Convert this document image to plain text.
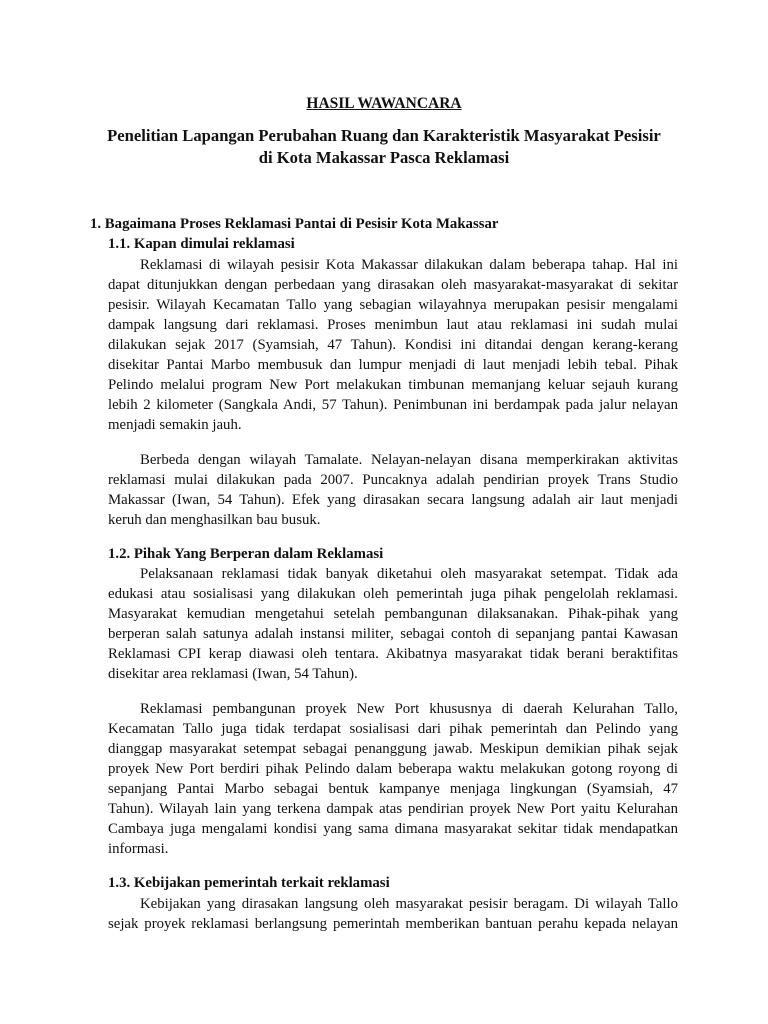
HASIL WAWANCARA
Penelitian Lapangan Perubahan Ruang dan Karakteristik Masyarakat Pesisir
di Kota Makassar Pasca Reklamasi
1. Bagaimana Proses Reklamasi Pantai di Pesisir Kota Makassar
1.1. Kapan dimulai reklamasi
Reklamasi di wilayah pesisir Kota Makassar dilakukan dalam beberapa tahap. Hal ini
dapat ditunjukkan dengan perbedaan yang dirasakan oleh masyarakat-masyarakat di sekitar
pesisir. Wilayah Kecamatan Tallo yang sebagian wilayahnya merupakan pesisir mengalami
dampak langsung dari reklamasi. Proses menimbun laut atau reklamasi ini sudah mulai
dilakukan sejak 2017 (Syamsiah, 47 Tahun). Kondisi ini ditandai dengan kerang-kerang
disekitar Pantai Marbo membusuk dan lumpur menjadi di laut menjadi lebih tebal. Pihak
Pelindo melalui program New Port melakukan timbunan memanjang keluar sejauh kurang
lebih 2 kilometer (Sangkala Andi, 57 Tahun). Penimbunan ini berdampak pada jalur nelayan
menjadi semakin jauh.
Berbeda dengan wilayah Tamalate. Nelayan-nelayan disana memperkirakan aktivitas
reklamasi mulai dilakukan pada 2007. Puncaknya adalah pendirian proyek Trans Studio
Makassar (Iwan, 54 Tahun). Efek yang dirasakan secara langsung adalah air laut menjadi
keruh dan menghasilkan bau busuk.
1.2. Pihak Yang Berperan dalam Reklamasi
Pelaksanaan reklamasi tidak banyak diketahui oleh masyarakat setempat. Tidak ada
edukasi atau sosialisasi yang dilakukan oleh pemerintah juga pihak pengelolah reklamasi.
Masyarakat kemudian mengetahui setelah pembangunan dilaksanakan. Pihak-pihak yang
berperan salah satunya adalah instansi militer, sebagai contoh di sepanjang pantai Kawasan
Reklamasi CPI kerap diawasi oleh tentara. Akibatnya masyarakat tidak berani beraktifitas
disekitar area reklamasi (Iwan, 54 Tahun).
Reklamasi pembangunan proyek New Port khususnya di daerah Kelurahan Tallo,
Kecamatan Tallo juga tidak terdapat sosialisasi dari pihak pemerintah dan Pelindo yang
dianggap masyarakat setempat sebagai penanggung jawab. Meskipun demikian pihak sejak
proyek New Port berdiri pihak Pelindo dalam beberapa waktu melakukan gotong royong di
sepanjang Pantai Marbo sebagai bentuk kampanye menjaga lingkungan (Syamsiah, 47
Tahun). Wilayah lain yang terkena dampak atas pendirian proyek New Port yaitu Kelurahan
Cambaya juga mengalami kondisi yang sama dimana masyarakat sekitar tidak mendapatkan
informasi.
1.3. Kebijakan pemerintah terkait reklamasi
Kebijakan yang dirasakan langsung oleh masyarakat pesisir beragam. Di wilayah Tallo
sejak proyek reklamasi berlangsung pemerintah memberikan bantuan perahu kepada nelayan
